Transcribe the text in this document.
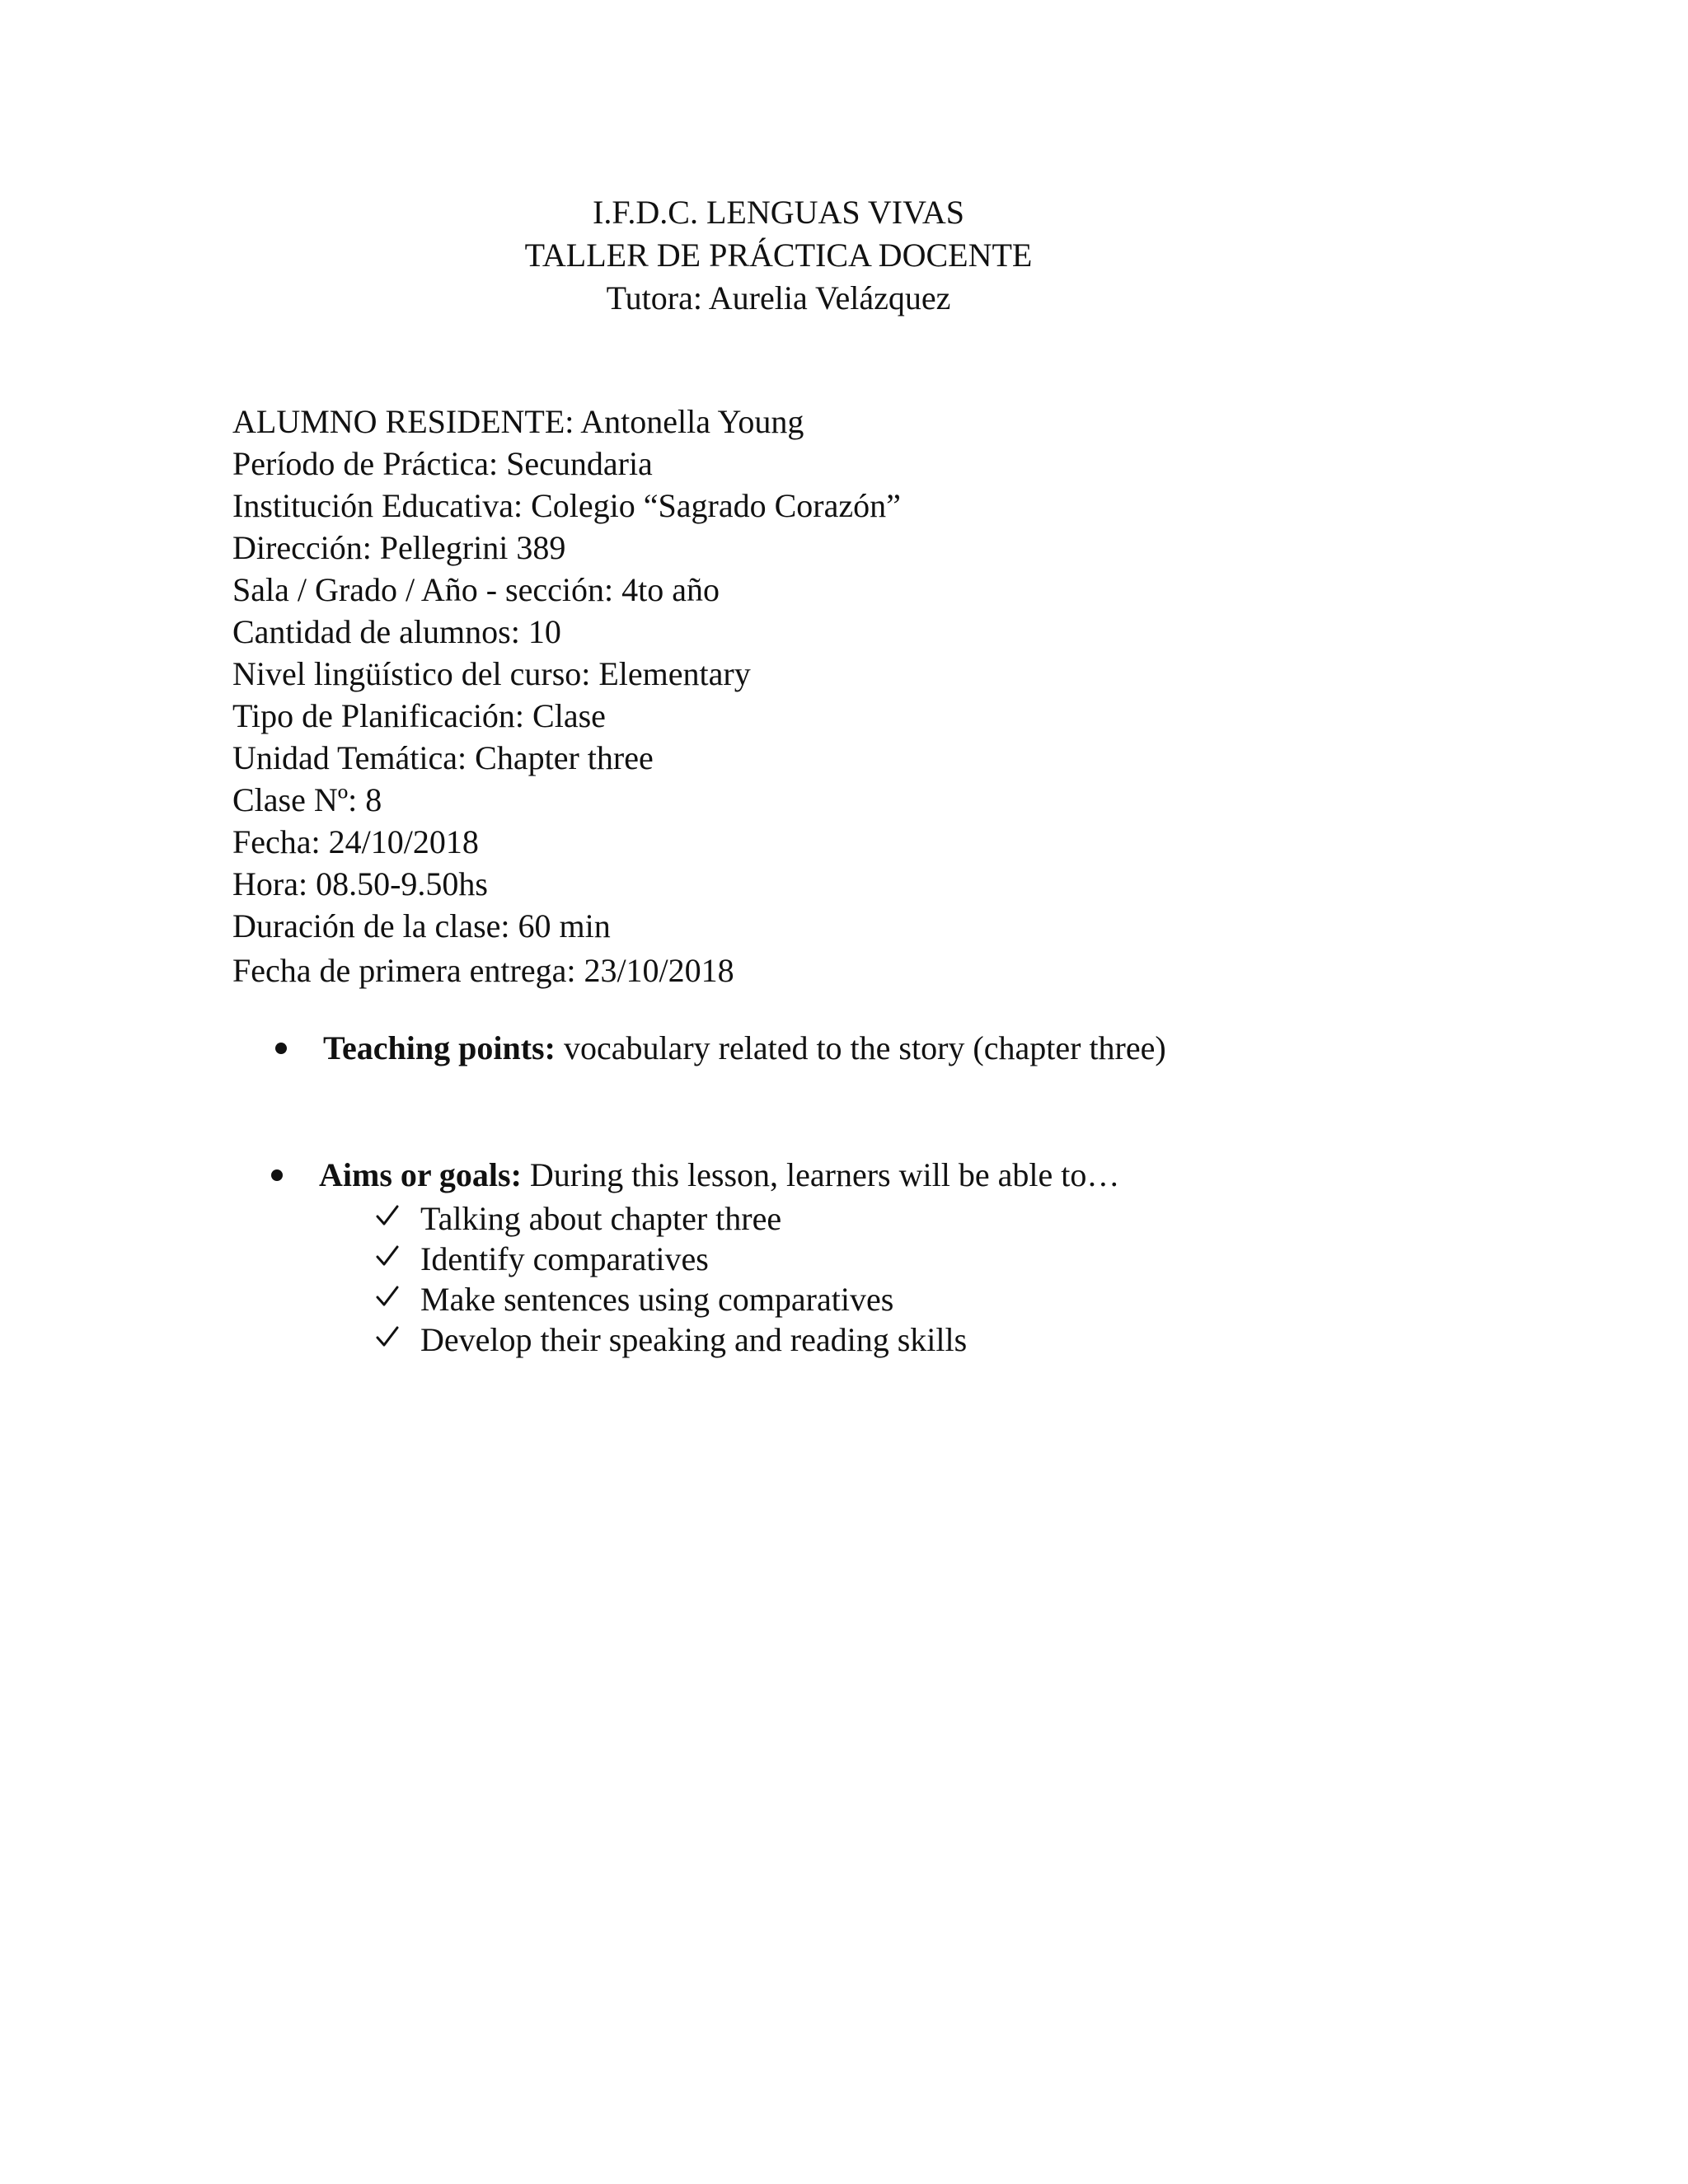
I.F.D.C. LENGUAS VIVAS
TALLER DE PRÁCTICA DOCENTE
Tutora: Aurelia Velázquez
ALUMNO RESIDENTE: Antonella Young
Período de Práctica: Secundaria
Institución Educativa: Colegio “Sagrado Corazón”
Dirección: Pellegrini 389
Sala / Grado / Año - sección: 4to año
Cantidad de alumnos: 10
Nivel lingüístico del curso: Elementary
Tipo de Planificación: Clase
Unidad Temática: Chapter three
Clase Nº: 8
Fecha: 24/10/2018
Hora: 08.50-9.50hs
Duración de la clase: 60 min
Fecha de primera entrega: 23/10/2018
Teaching points: vocabulary related to the story (chapter three)
Aims or goals: During this lesson, learners will be able to…
Talking about chapter three
Identify comparatives
Make sentences using comparatives
Develop their speaking and reading skills
